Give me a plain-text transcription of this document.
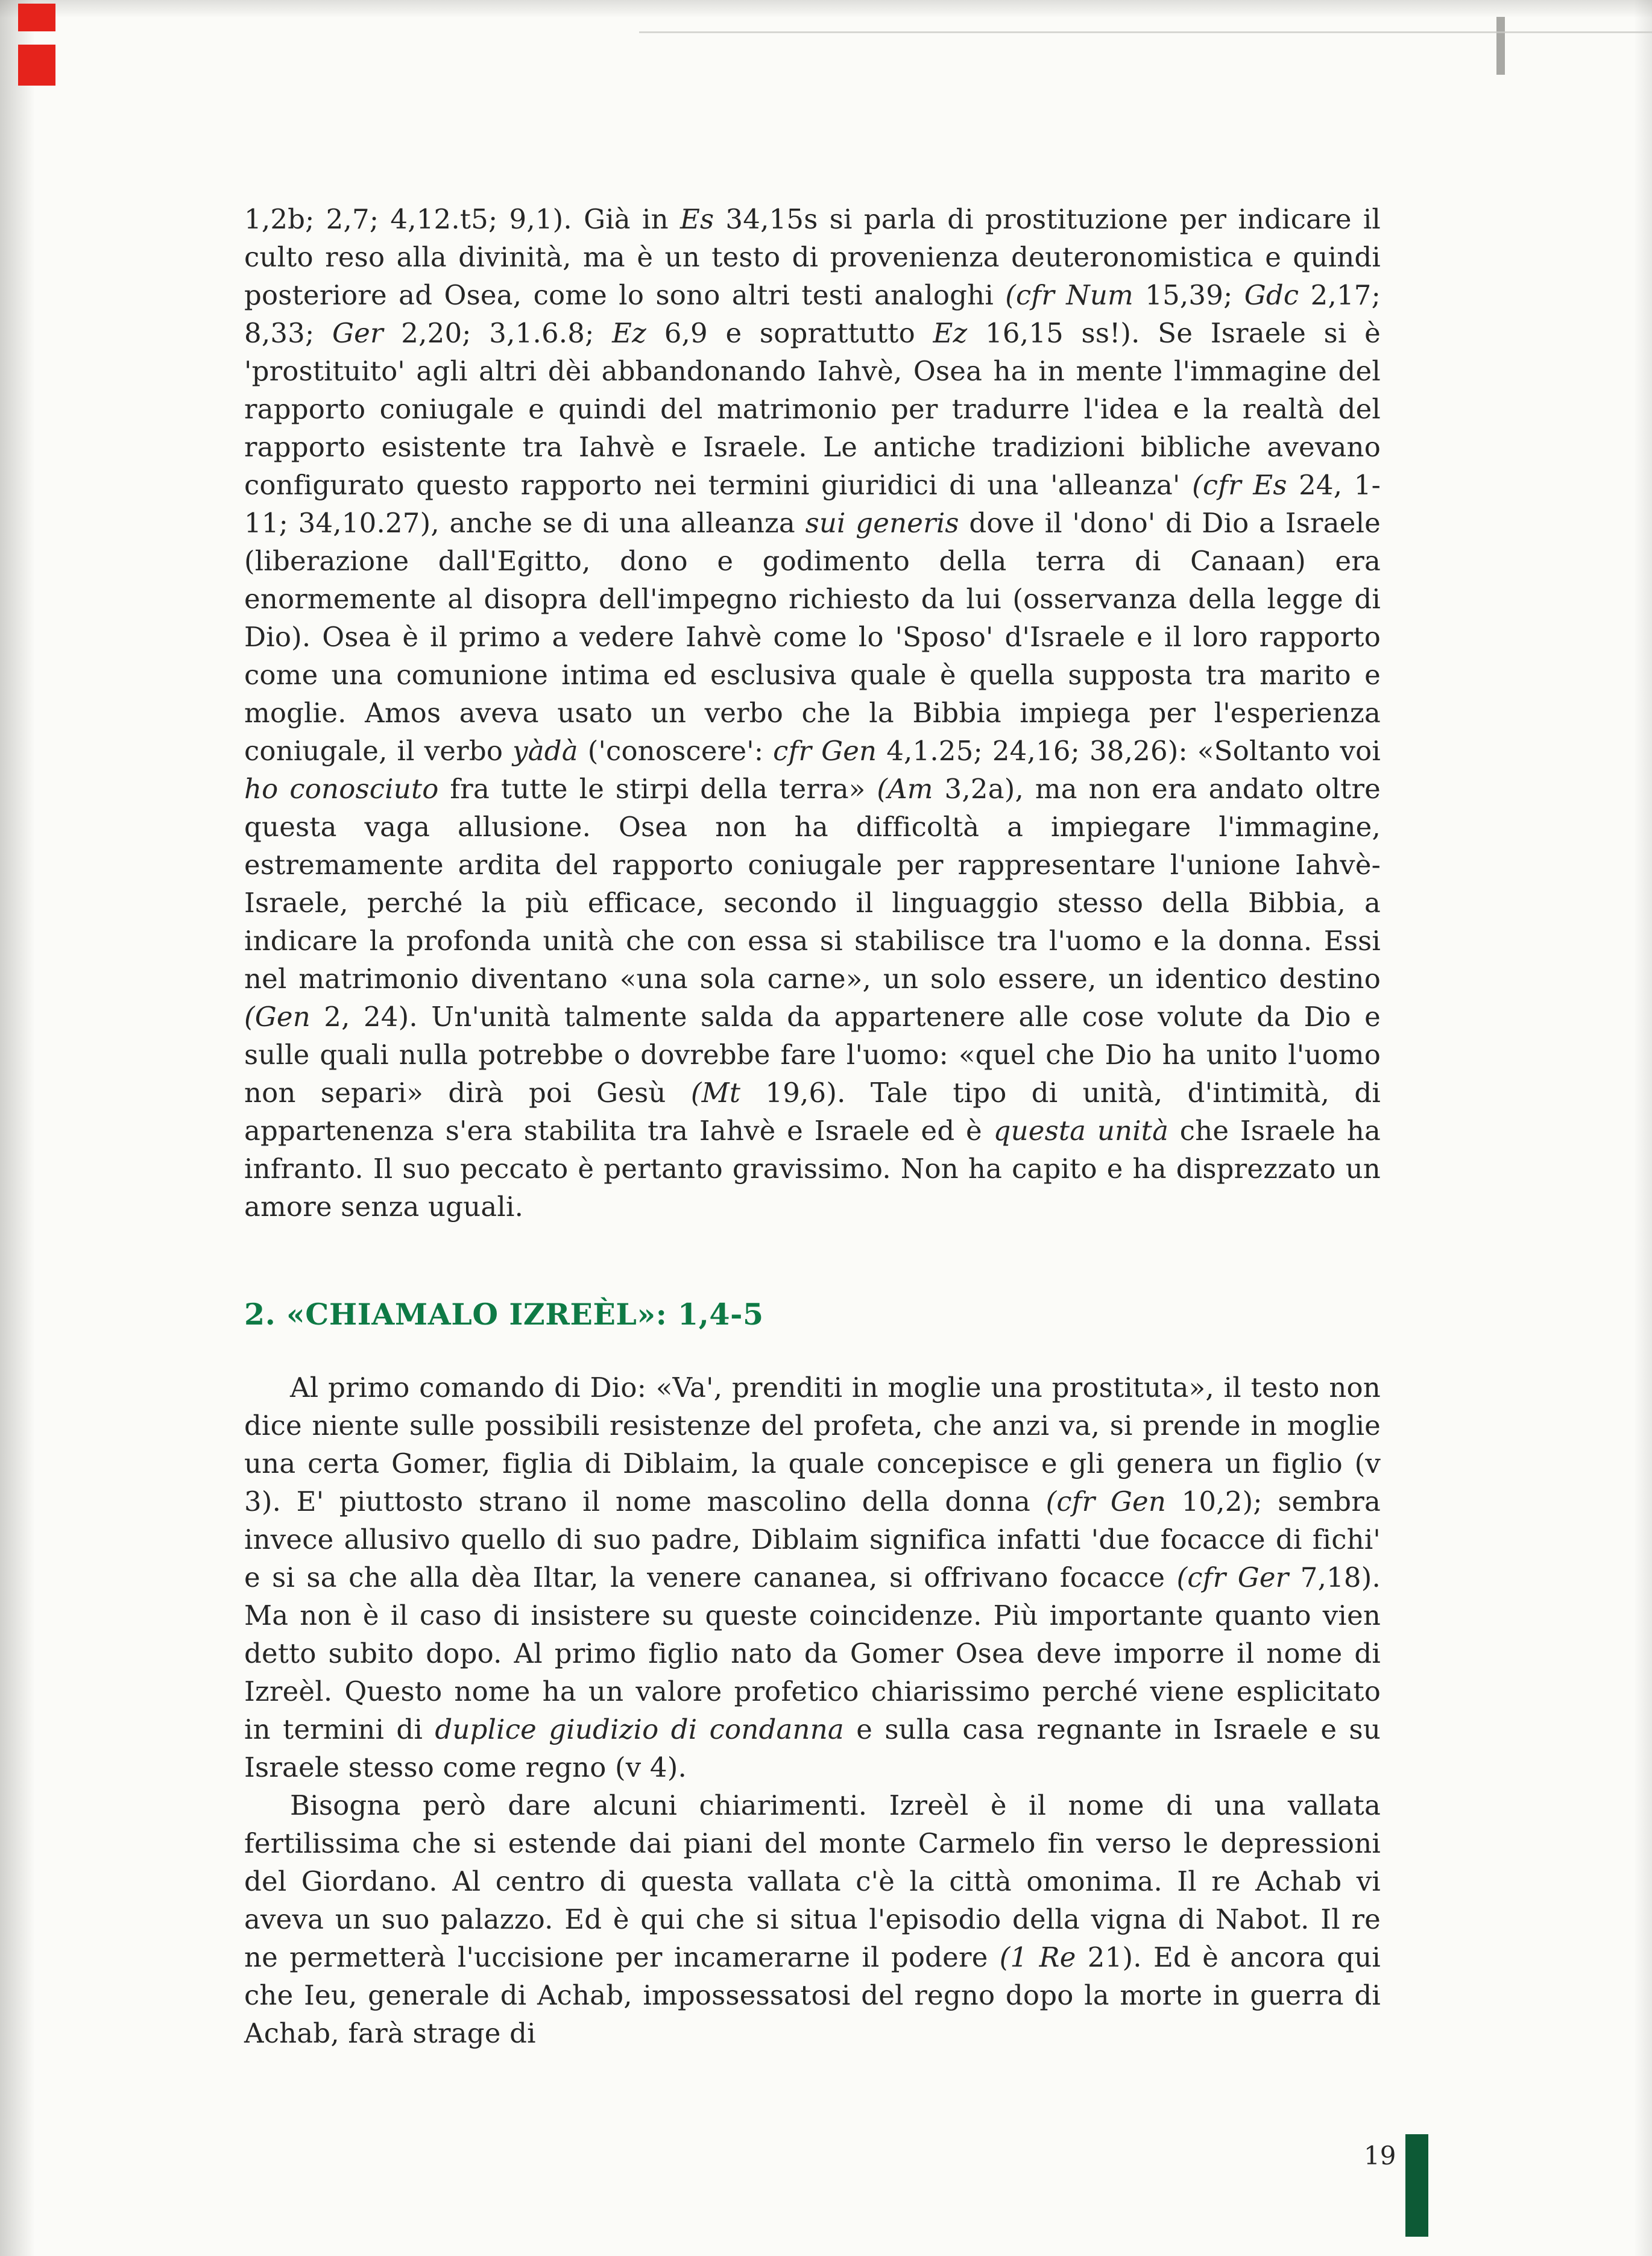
1,2b; 2,7; 4,12.t5; 9,1). Già in Es 34,15s si parla di prostituzione per indicare il culto reso alla divinità, ma è un testo di provenienza deuteronomistica e quindi posteriore ad Osea, come lo sono altri testi analoghi (cfr Num 15,39; Gdc 2,17; 8,33; Ger 2,20; 3,1.6.8; Ez 6,9 e soprattutto Ez 16,15 ss!). Se Israele si è 'prostituito' agli altri dèi abbandonando Iahvè, Osea ha in mente l'immagine del rapporto coniugale e quindi del matrimonio per tradurre l'idea e la realtà del rapporto esistente tra Iahvè e Israele. Le antiche tradizioni bibliche avevano configurato questo rapporto nei termini giuridici di una 'alleanza' (cfr Es 24, 1-11; 34,10.27), anche se di una alleanza sui generis dove il 'dono' di Dio a Israele (liberazione dall'Egitto, dono e godimento della terra di Canaan) era enormemente al disopra dell'impegno richiesto da lui (osservanza della legge di Dio). Osea è il primo a vedere Iahvè come lo 'Sposo' d'Israele e il loro rapporto come una comunione intima ed esclusiva quale è quella supposta tra marito e moglie. Amos aveva usato un verbo che la Bibbia impiega per l'esperienza coniugale, il verbo yàdà ('conoscere': cfr Gen 4,1.25; 24,16; 38,26): «Soltanto voi ho conosciuto fra tutte le stirpi della terra» (Am 3,2a), ma non era andato oltre questa vaga allusione. Osea non ha difficoltà a impiegare l'immagine, estremamente ardita del rapporto coniugale per rappresentare l'unione Iahvè-Israele, perché la più efficace, secondo il linguaggio stesso della Bibbia, a indicare la profonda unità che con essa si stabilisce tra l'uomo e la donna. Essi nel matrimonio diventano «una sola carne», un solo essere, un identico destino (Gen 2, 24). Un'unità talmente salda da appartenere alle cose volute da Dio e sulle quali nulla potrebbe o dovrebbe fare l'uomo: «quel che Dio ha unito l'uomo non separi» dirà poi Gesù (Mt 19,6). Tale tipo di unità, d'intimità, di appartenenza s'era stabilita tra Iahvè e Israele ed è questa unità che Israele ha infranto. Il suo peccato è pertanto gravissimo. Non ha capito e ha disprezzato un amore senza uguali.

2. «CHIAMALO IZREÈL»: 1,4-5

Al primo comando di Dio: «Va', prenditi in moglie una prostituta», il testo non dice niente sulle possibili resistenze del profeta, che anzi va, si prende in moglie una certa Gomer, figlia di Diblaim, la quale concepisce e gli genera un figlio (v 3). E' piuttosto strano il nome mascolino della donna (cfr Gen 10,2); sembra invece allusivo quello di suo padre, Diblaim significa infatti 'due focacce di fichi' e si sa che alla dèa Iltar, la venere cananea, si offrivano focacce (cfr Ger 7,18). Ma non è il caso di insistere su queste coincidenze. Più importante quanto vien detto subito dopo. Al primo figlio nato da Gomer Osea deve imporre il nome di Izreèl. Questo nome ha un valore profetico chiarissimo perché viene esplicitato in termini di duplice giudizio di condanna e sulla casa regnante in Israele e su Israele stesso come regno (v 4).

Bisogna però dare alcuni chiarimenti. Izreèl è il nome di una vallata fertilissima che si estende dai piani del monte Carmelo fin verso le depressioni del Giordano. Al centro di questa vallata c'è la città omonima. Il re Achab vi aveva un suo palazzo. Ed è qui che si situa l'episodio della vigna di Nabot. Il re ne permetterà l'uccisione per incamerarne il podere (1 Re 21). Ed è ancora qui che Ieu, generale di Achab, impossessatosi del regno dopo la morte in guerra di Achab, farà strage di

19
